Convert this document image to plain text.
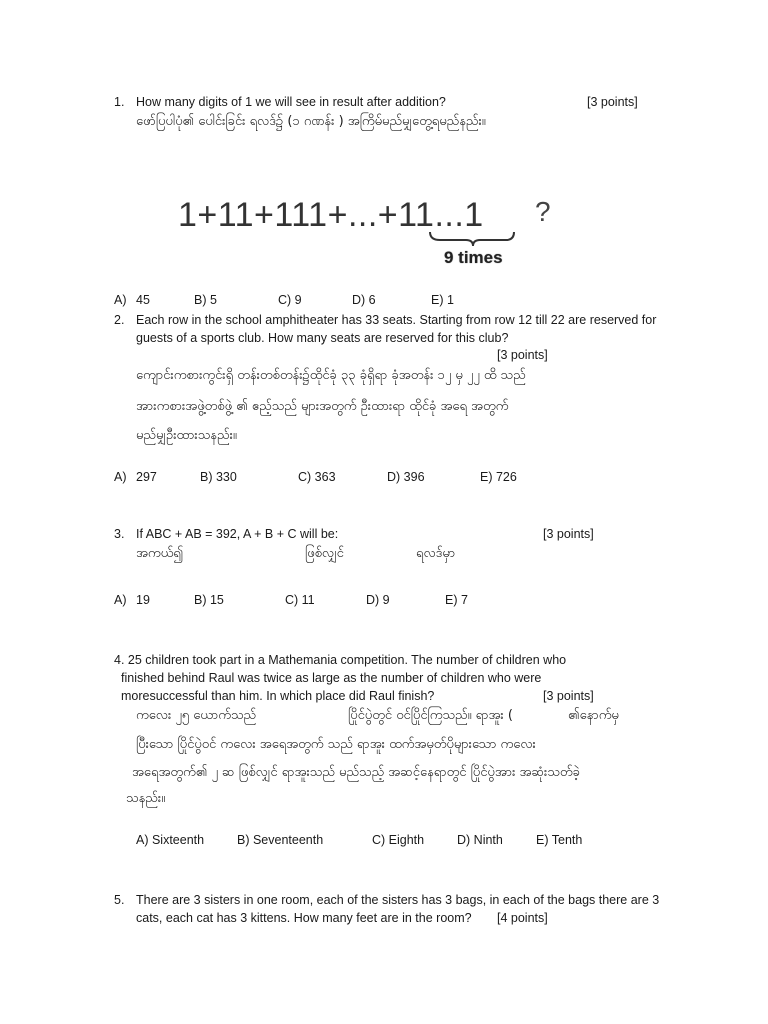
1. How many digits of 1 we will see in result after addition?	[3 points]
ဖော်ပြပါပုံ၏ ပေါင်းခြင်း ရလဒ်၌ (၁ ဂဏန်း ) အကြိမ်မည်မျှတွေ့ရမည်နည်း။
1+11+111+...+11...1 ?
9 times
A) 45	B) 5	C) 9	D) 6	E) 1
2. Each row in the school amphitheater has 33 seats. Starting from row 12 till 22 are reserved for
guests of a sports club. How many seats are reserved for this club?
[3 points]
ကျောင်းကစားကွင်းရှိ တန်းတစ်တန်း၌ထိုင်ခုံ ၃၃ ခုံရှိရာ ခုံအတန်း ၁၂ မှ ၂၂ ထိ သည်
အားကစားအဖွဲ့တစ်ဖွဲ့ ၏ ဧည့်သည် များအတွက် ဦးထားရာ ထိုင်ခုံ အရေ အတွက်
မည်မျှဦးထားသနည်း။
A) 297	B) 330	C) 363	D) 396	E) 726
3. If ABC + AB = 392, A + B + C will be:	[3 points]
အကယ်၍	ဖြစ်လျှင်	ရလဒ်မှာ
A) 19	B) 15	C) 11	D) 9	E) 7
4. 25 children took part in a Mathemania competition. The number of children who
finished behind Raul was twice as large as the number of children who were
moresuccessful than him. In which place did Raul finish?	[3 points]
ကလေး ၂၅ ယောက်သည်	ပြိုင်ပွဲတွင် ဝင်ပြိုင်ကြသည်။ ရာအူး (	၏နောက်မှ
ပြီးသော ပြိုင်ပွဲဝင် ကလေး အရေအတွက် သည် ရာအူး ထက်အမှတ်ပိုများသော ကလေး
အရေအတွက်၏ ၂ ဆ ဖြစ်လျှင် ရာအူးသည် မည်သည့် အဆင့်နေရာတွင် ပြိုင်ပွဲအား အဆုံးသတ်ခဲ့
သနည်း။
A) Sixteenth	B) Seventeenth	C) Eighth	D) Ninth	E) Tenth
5. There are 3 sisters in one room, each of the sisters has 3 bags, in each of the bags there are 3
cats, each cat has 3 kittens. How many feet are in the room? [4 points]
